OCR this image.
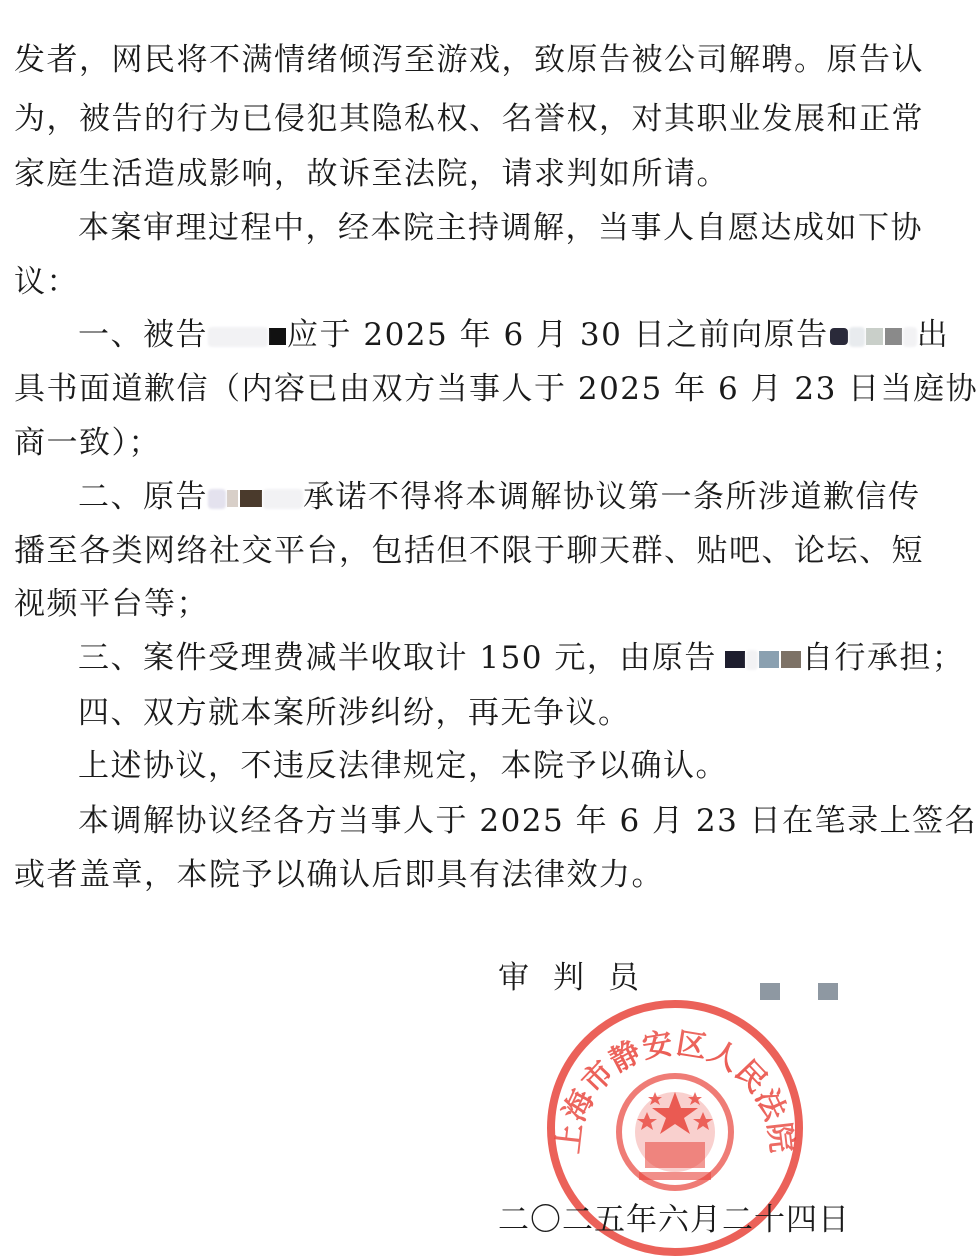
发者，网民将不满情绪倾泻至游戏，致原告被公司解聘。原告认
为，被告的行为已侵犯其隐私权、名誉权，对其职业发展和正常
家庭生活造成影响，故诉至法院，请求判如所请。
本案审理过程中，经本院主持调解，当事人自愿达成如下协
议：
一、被告	应于 2025 年 6 月 30 日之前向原告	出
具书面道歉信（内容已由双方当事人于 2025 年 6 月 23 日当庭协
商一致）；
二、原告	承诺不得将本调解协议第一条所涉道歉信传
播至各类网络社交平台，包括但不限于聊天群、贴吧、论坛、短
视频平台等；
三、案件受理费减半收取计 150 元，由原告	自行承担；
四、双方就本案所涉纠纷，再无争议。
上述协议，不违反法律规定，本院予以确认。
本调解协议经各方当事人于 2025 年 6 月 23 日在笔录上签名
或者盖章，本院予以确认后即具有法律效力。
审判员
上海市静安区人民法院
二〇二五年六月二十四日
